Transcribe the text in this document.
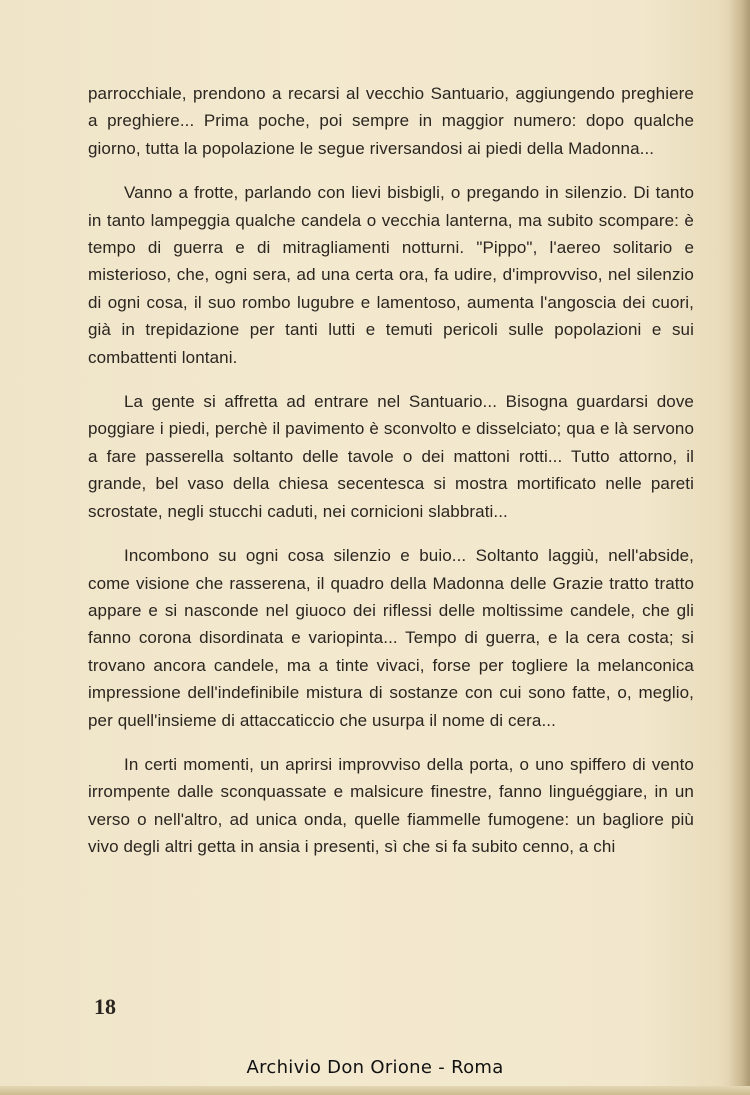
parrocchiale, prendono a recarsi al vecchio Santuario, aggiungendo preghiere a preghiere... Prima poche, poi sempre in maggior numero: dopo qualche giorno, tutta la popolazione le segue riversandosi ai piedi della Madonna...

Vanno a frotte, parlando con lievi bisbigli, o pregando in silenzio. Di tanto in tanto lampeggia qualche candela o vecchia lanterna, ma subito scompare: è tempo di guerra e di mitragliamenti notturni. "Pippo", l'aereo solitario e misterioso, che, ogni sera, ad una certa ora, fa udire, d'improvviso, nel silenzio di ogni cosa, il suo rombo lugubre e lamentoso, aumenta l'angoscia dei cuori, già in trepidazione per tanti lutti e temuti pericoli sulle popolazioni e sui combattenti lontani.

La gente si affretta ad entrare nel Santuario... Bisogna guardarsi dove poggiare i piedi, perchè il pavimento è sconvolto e disselciato; qua e là servono a fare passerella soltanto delle tavole o dei mattoni rotti... Tutto attorno, il grande, bel vaso della chiesa secentesca si mostra mortificato nelle pareti scrostate, negli stucchi caduti, nei cornicioni slabbrati...

Incombono su ogni cosa silenzio e buio... Soltanto laggiù, nell'abside, come visione che rasserena, il quadro della Madonna delle Grazie tratto tratto appare e si nasconde nel giuoco dei riflessi delle moltissime candele, che gli fanno corona disordinata e variopinta... Tempo di guerra, e la cera costa; si trovano ancora candele, ma a tinte vivaci, forse per togliere la melanconica impressione dell'indefinibile mistura di sostanze con cui sono fatte, o, meglio, per quell'insieme di attaccaticcio che usurpa il nome di cera...

In certi momenti, un aprirsi improvviso della porta, o uno spiffero di vento irrompente dalle sconquassate e malsicure finestre, fanno linguéggiare, in un verso o nell'altro, ad unica onda, quelle fiammelle fumogene: un bagliore più vivo degli altri getta in ansia i presenti, sì che si fa subito cenno, a chi

18
Archivio Don Orione - Roma
